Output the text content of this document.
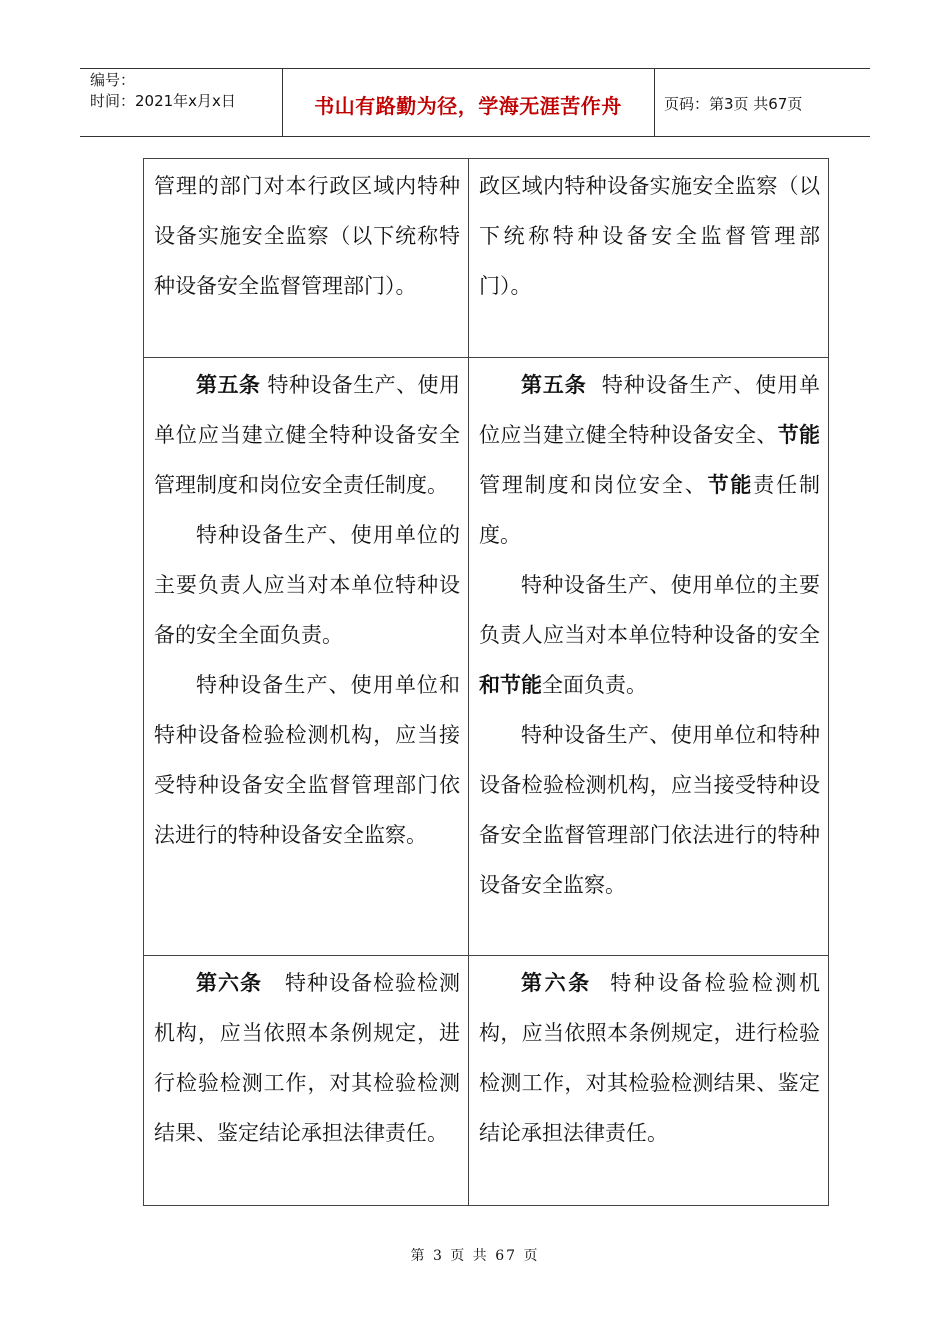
编号：
时间：2021年x月x日	书山有路勤为径，学海无涯苦作舟	页码：第3页 共67页

管理的部门对本行政区域内特种设备实施安全监察（以下统称特种设备安全监督管理部门）。

政区域内特种设备实施安全监察（以下统称特种设备安全监督管理部门）。

第五条 特种设备生产、使用单位应当建立健全特种设备安全管理制度和岗位安全责任制度。

特种设备生产、使用单位的主要负责人应当对本单位特种设备的安全全面负责。

特种设备生产、使用单位和特种设备检验检测机构，应当接受特种设备安全监督管理部门依法进行的特种设备安全监察。

第五条 特种设备生产、使用单位应当建立健全特种设备安全、节能管理制度和岗位安全、节能责任制度。

特种设备生产、使用单位的主要负责人应当对本单位特种设备的安全和节能全面负责。

特种设备生产、使用单位和特种设备检验检测机构，应当接受特种设备安全监督管理部门依法进行的特种设备安全监察。

第六条 特种设备检验检测机构，应当依照本条例规定，进行检验检测工作，对其检验检测结果、鉴定结论承担法律责任。

第六条 特种设备检验检测机构，应当依照本条例规定，进行检验检测工作，对其检验检测结果、鉴定结论承担法律责任。

第 3 页 共 67 页
